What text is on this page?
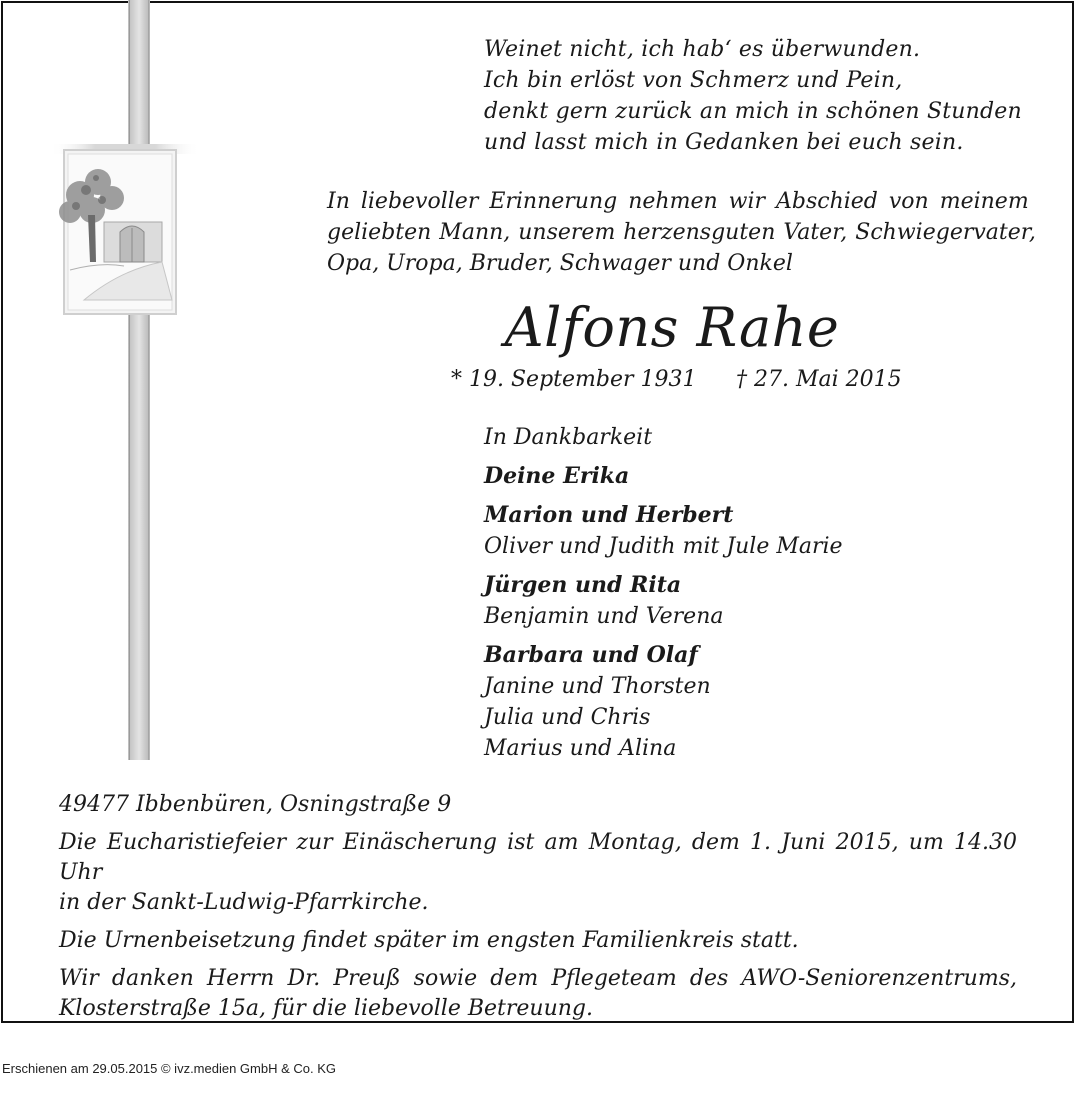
Weinet nicht, ich hab‘ es überwunden.
Ich bin erlöst von Schmerz und Pein,
denkt gern zurück an mich in schönen Stunden
und lasst mich in Gedanken bei euch sein.
In liebevoller Erinnerung nehmen wir Abschied von meinem
geliebten Mann, unserem herzensguten Vater, Schwiegervater,
Opa, Uropa, Bruder, Schwager und Onkel
Alfons Rahe
* 19. September 1931 † 27. Mai 2015
In Dankbarkeit
Deine Erika
Marion und Herbert
Oliver und Judith mit Jule Marie
Jürgen und Rita
Benjamin und Verena
Barbara und Olaf
Janine und Thorsten
Julia und Chris
Marius und Alina
49477 Ibbenbüren, Osningstraße 9
Die Eucharistiefeier zur Einäscherung ist am Montag, dem 1. Juni 2015, um 14.30 Uhr
in der Sankt-Ludwig-Pfarrkirche.
Die Urnenbeisetzung findet später im engsten Familienkreis statt.
Wir danken Herrn Dr. Preuß sowie dem Pflegeteam des AWO-Seniorenzentrums,
Klosterstraße 15a, für die liebevolle Betreuung.
Erschienen am 29.05.2015 © ivz.medien GmbH & Co. KG
